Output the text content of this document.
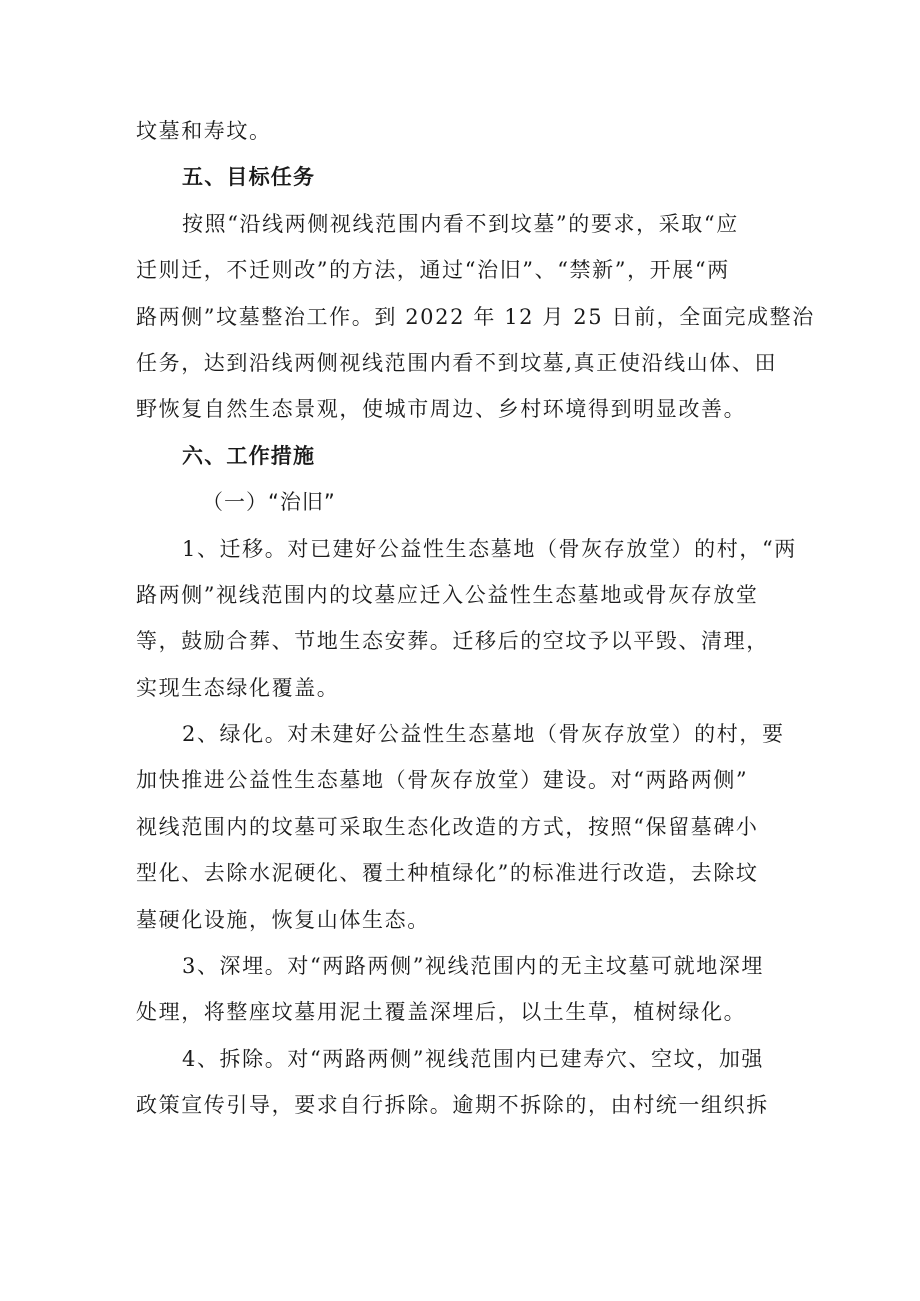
坟墓和寿坟。
五、目标任务
按照“沿线两侧视线范围内看不到坟墓”的要求，采取“应
迁则迁，不迁则改”的方法，通过“治旧”、“禁新”，开展“两
路两侧”坟墓整治工作。到 2022 年 12 月 25 日前，全面完成整治
任务，达到沿线两侧视线范围内看不到坟墓,真正使沿线山体、田
野恢复自然生态景观，使城市周边、乡村环境得到明显改善。
六、工作措施
（一）“治旧”
1、迁移。对已建好公益性生态墓地（骨灰存放堂）的村，“两
路两侧”视线范围内的坟墓应迁入公益性生态墓地或骨灰存放堂
等，鼓励合葬、节地生态安葬。迁移后的空坟予以平毁、清理，
实现生态绿化覆盖。
2、绿化。对未建好公益性生态墓地（骨灰存放堂）的村，要
加快推进公益性生态墓地（骨灰存放堂）建设。对“两路两侧”
视线范围内的坟墓可采取生态化改造的方式，按照“保留墓碑小
型化、去除水泥硬化、覆土种植绿化”的标准进行改造，去除坟
墓硬化设施，恢复山体生态。
3、深埋。对“两路两侧”视线范围内的无主坟墓可就地深埋
处理，将整座坟墓用泥土覆盖深埋后，以土生草，植树绿化。
4、拆除。对“两路两侧”视线范围内已建寿穴、空坟，加强
政策宣传引导，要求自行拆除。逾期不拆除的，由村统一组织拆
